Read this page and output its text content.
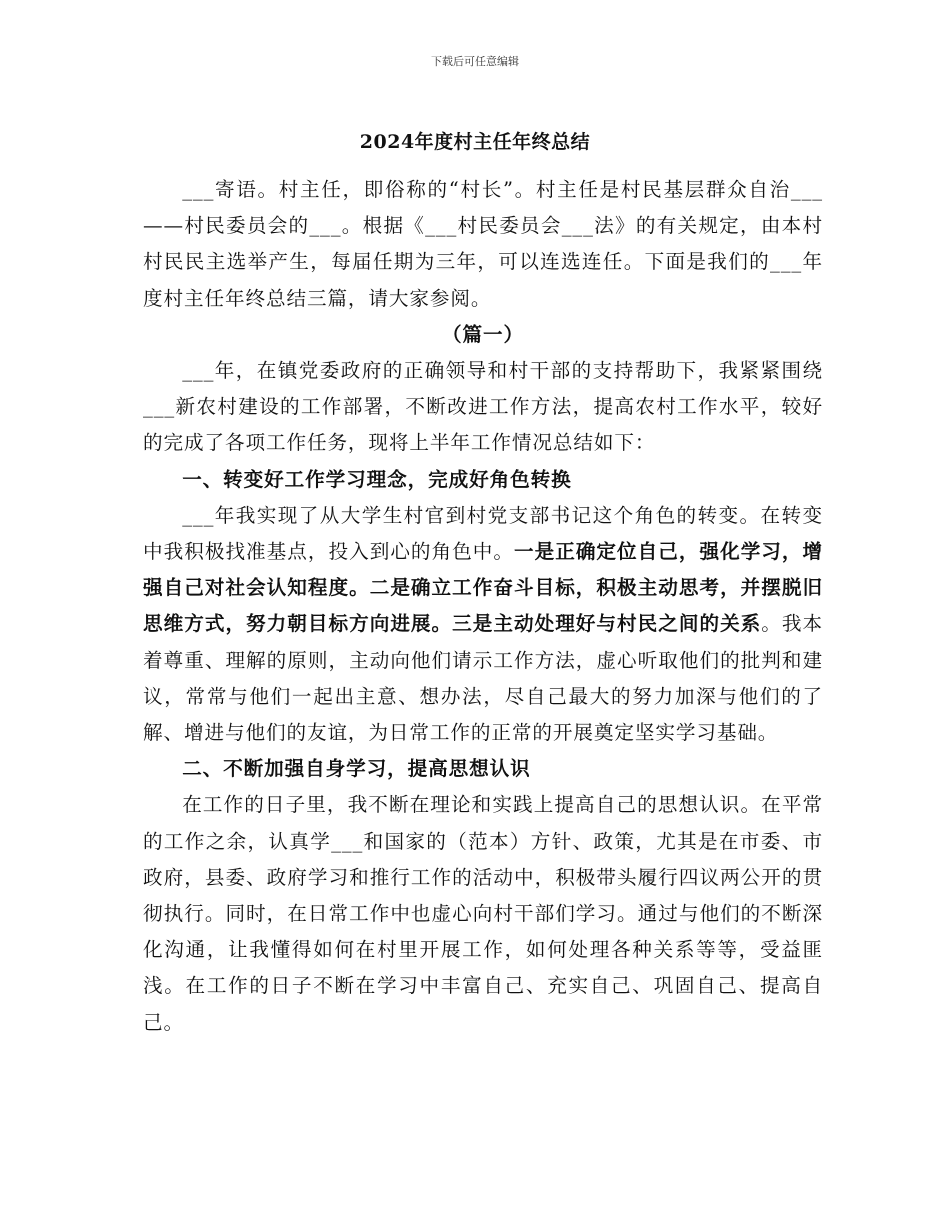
下载后可任意编辑
2024年度村主任年终总结

___寄语。村主任，即俗称的“村长”。村主任是村民基层群众自治___——村民委员会的___。根据《___村民委员会___法》的有关规定，由本村村民民主选举产生，每届任期为三年，可以连选连任。下面是我们的___年度村主任年终总结三篇，请大家参阅。

（篇一）

___年，在镇党委政府的正确领导和村干部的支持帮助下，我紧紧围绕___新农村建设的工作部署，不断改进工作方法，提高农村工作水平，较好的完成了各项工作任务，现将上半年工作情况总结如下：

一、转变好工作学习理念，完成好角色转换

___年我实现了从大学生村官到村党支部书记这个角色的转变。在转变中我积极找准基点，投入到心的角色中。一是正确定位自己，强化学习，增强自己对社会认知程度。二是确立工作奋斗目标，积极主动思考，并摆脱旧思维方式，努力朝目标方向进展。三是主动处理好与村民之间的关系。我本着尊重、理解的原则，主动向他们请示工作方法，虚心听取他们的批判和建议，常常与他们一起出主意、想办法，尽自己最大的努力加深与他们的了解、增进与他们的友谊，为日常工作的正常的开展奠定坚实学习基础。

二、不断加强自身学习，提高思想认识

在工作的日子里，我不断在理论和实践上提高自己的思想认识。在平常的工作之余，认真学___和国家的（范本）方针、政策，尤其是在市委、市政府，县委、政府学习和推行工作的活动中，积极带头履行四议两公开的贯彻执行。同时，在日常工作中也虚心向村干部们学习。通过与他们的不断深化沟通，让我懂得如何在村里开展工作，如何处理各种关系等等，受益匪浅。在工作的日子不断在学习中丰富自己、充实自己、巩固自己、提高自己。
